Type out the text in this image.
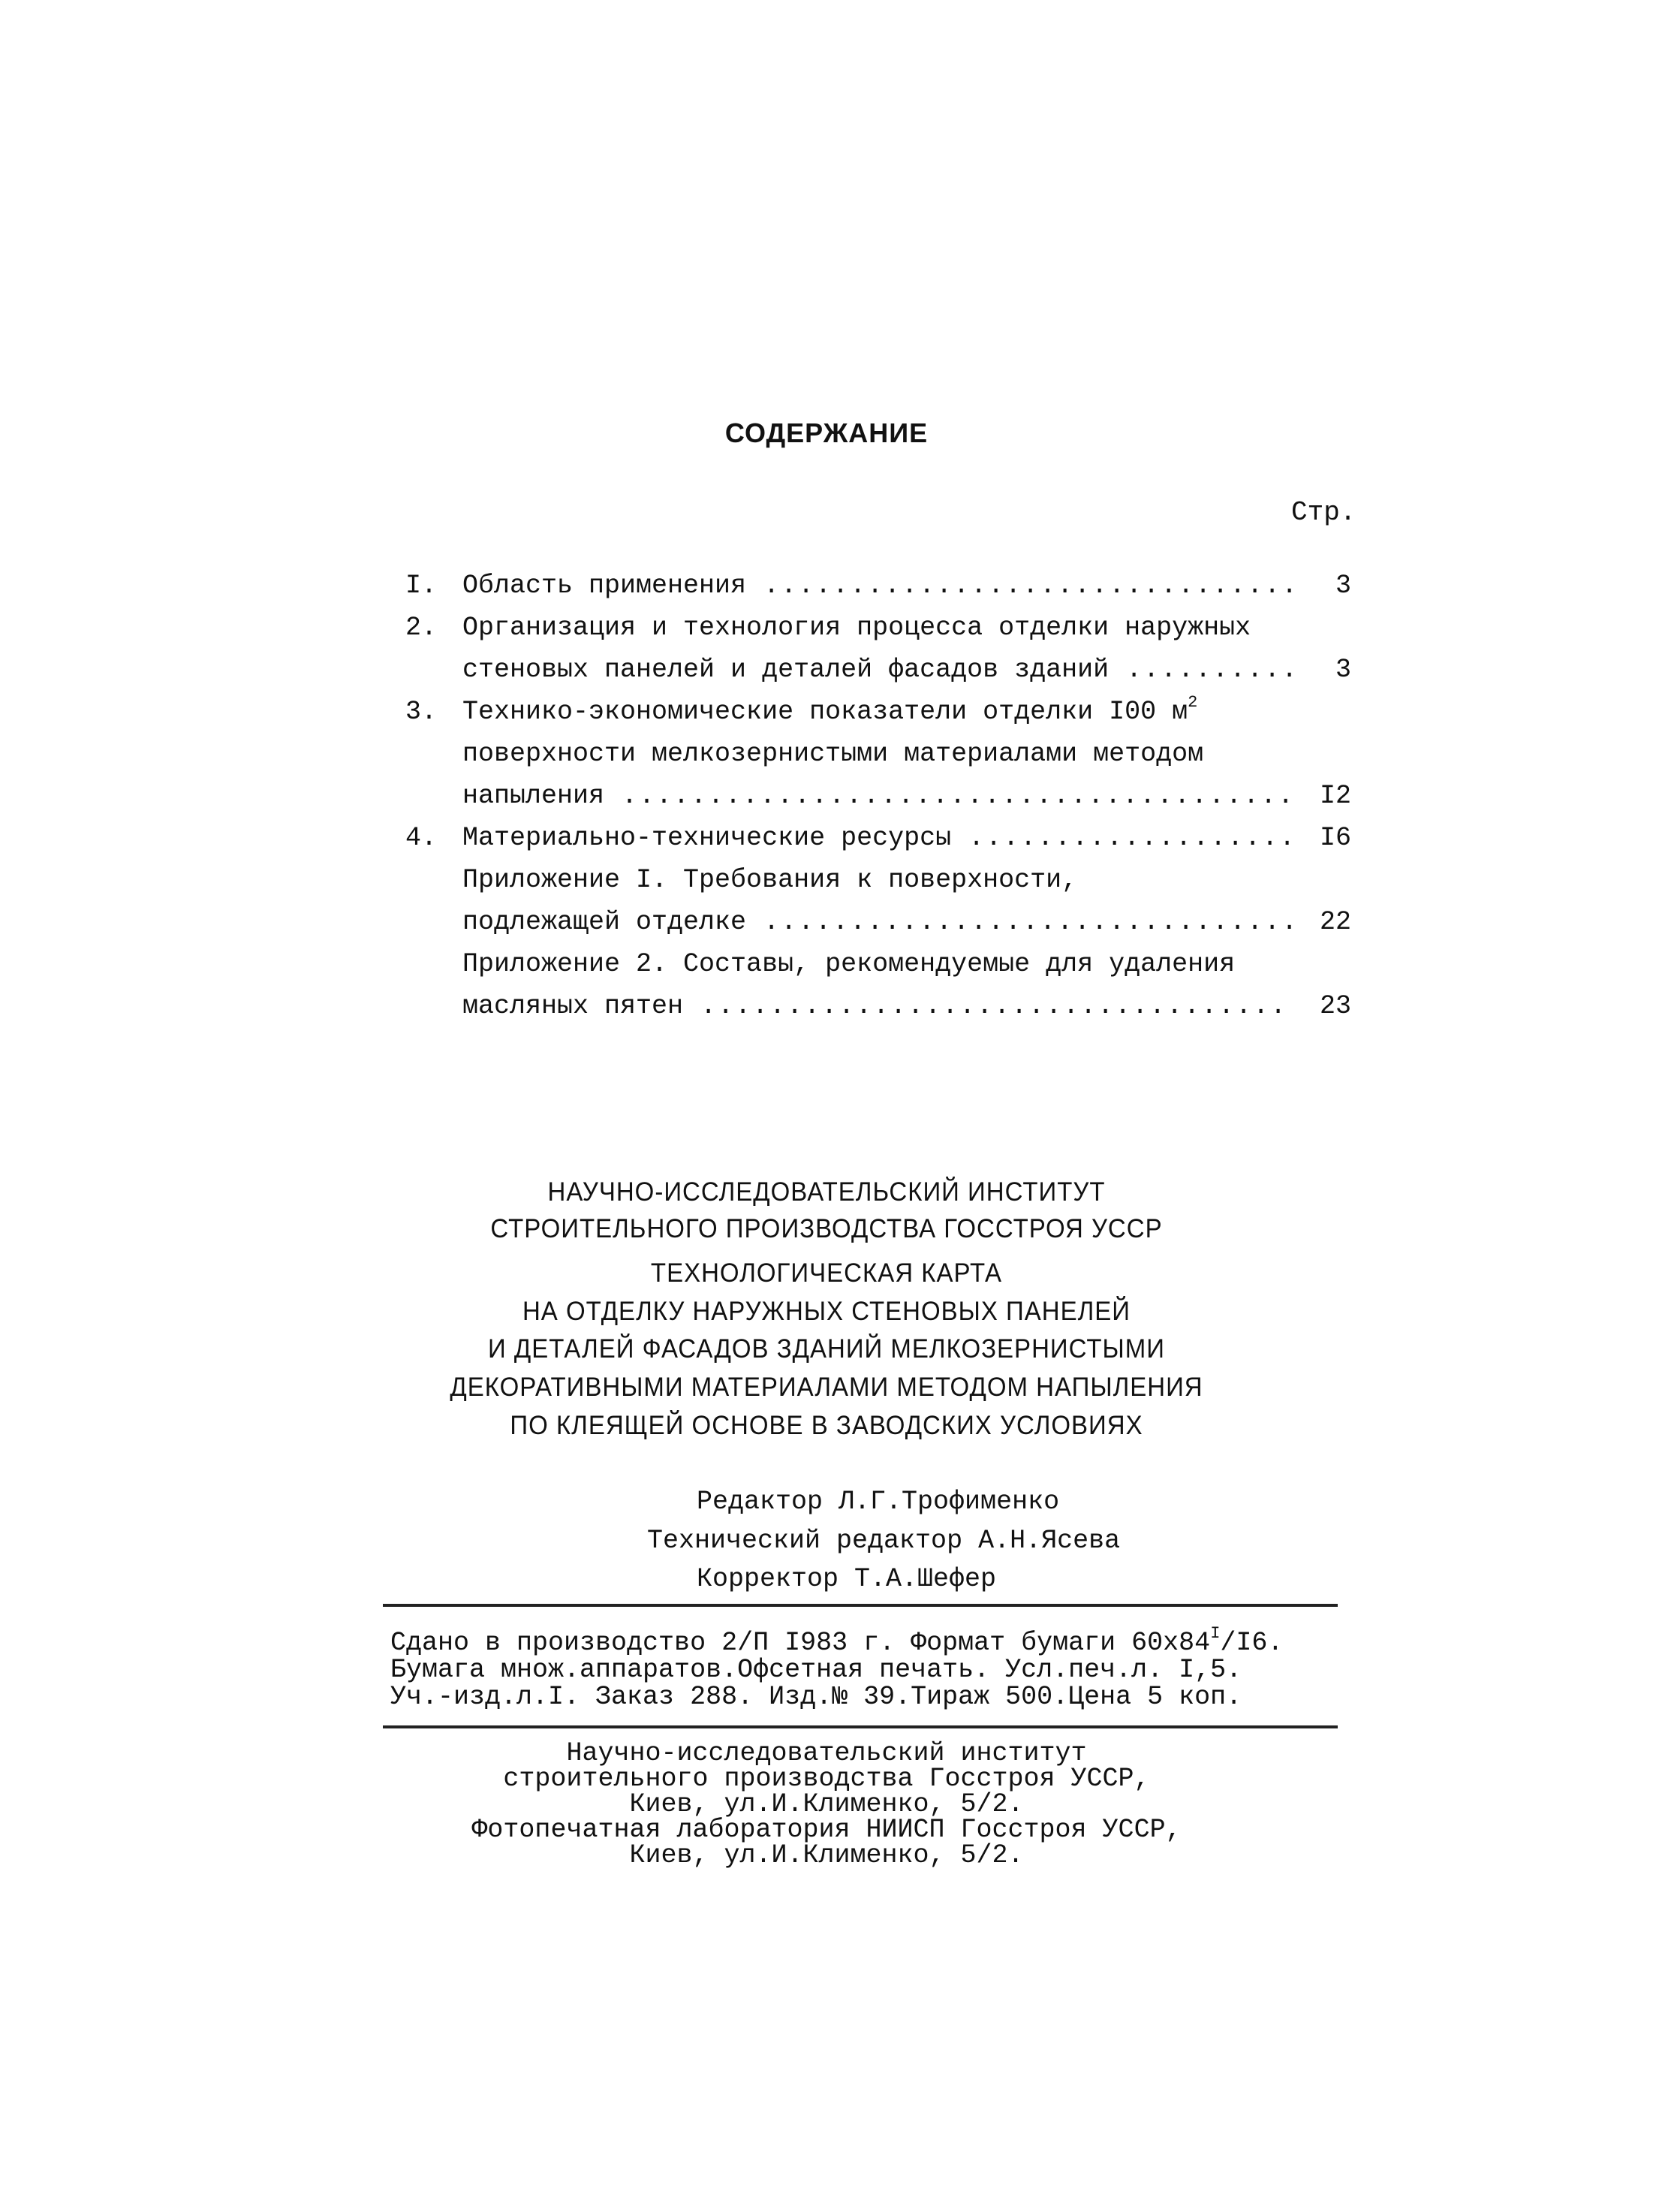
СОДЕРЖАНИЕ
Стр.
I. Область применения .....	3
2. Организация и технология процесса отделки наружных
стеновых панелей и деталей фасадов зданий .....	3
3. Технико-экономические показатели отделки I00 $м^2$
поверхности мелкозернистыми материалами методом
напыления .....	I2
4. Материально-технические ресурсы .....	I6
Приложение I. Требования к поверхности,
подлежащей отделке .....	22
Приложение 2. Составы, рекомендуемые для удаления
масляных пятен .....	23
НАУЧНО-ИССЛЕДОВАТЕЛЬСКИЙ ИНСТИТУТ
СТРОИТЕЛЬНОГО ПРОИЗВОДСТВА ГОССТРОЯ УССР
ТЕХНОЛОГИЧЕСКАЯ КАРТА
НА ОТДЕЛКУ НАРУЖНЫХ СТЕНОВЫХ ПАНЕЛЕЙ
И ДЕТАЛЕЙ ФАСАДОВ ЗДАНИЙ МЕЛКОЗЕРНИСТЫМИ
ДЕКОРАТИВНЫМИ МАТЕРИАЛАМИ МЕТОДОМ НАПЫЛЕНИЯ
ПО КЛЕЯЩЕЙ ОСНОВЕ В ЗАВОДСКИХ УСЛОВИЯХ
Редактор Л.Г.Трофименко
Технический редактор А.Н.Ясева
Корректор Т.А.Шефер
Сдано в производство 2/П I983 г. Формат бумаги $60х84^I/I6$.
Бумага множ.аппаратов.Офсетная печать. Усл.печ.л. I,5.
Уч.-изд.л.I. Заказ 288. Изд.№ 39.Тираж 500.Цена 5 коп.
Научно-исследовательский институт
строительного производства Госстроя УССР,
Киев, ул.И.Клименко, 5/2.
Фотопечатная лаборатория НИИСП Госстроя УССР,
Киев, ул.И.Клименко, 5/2.
